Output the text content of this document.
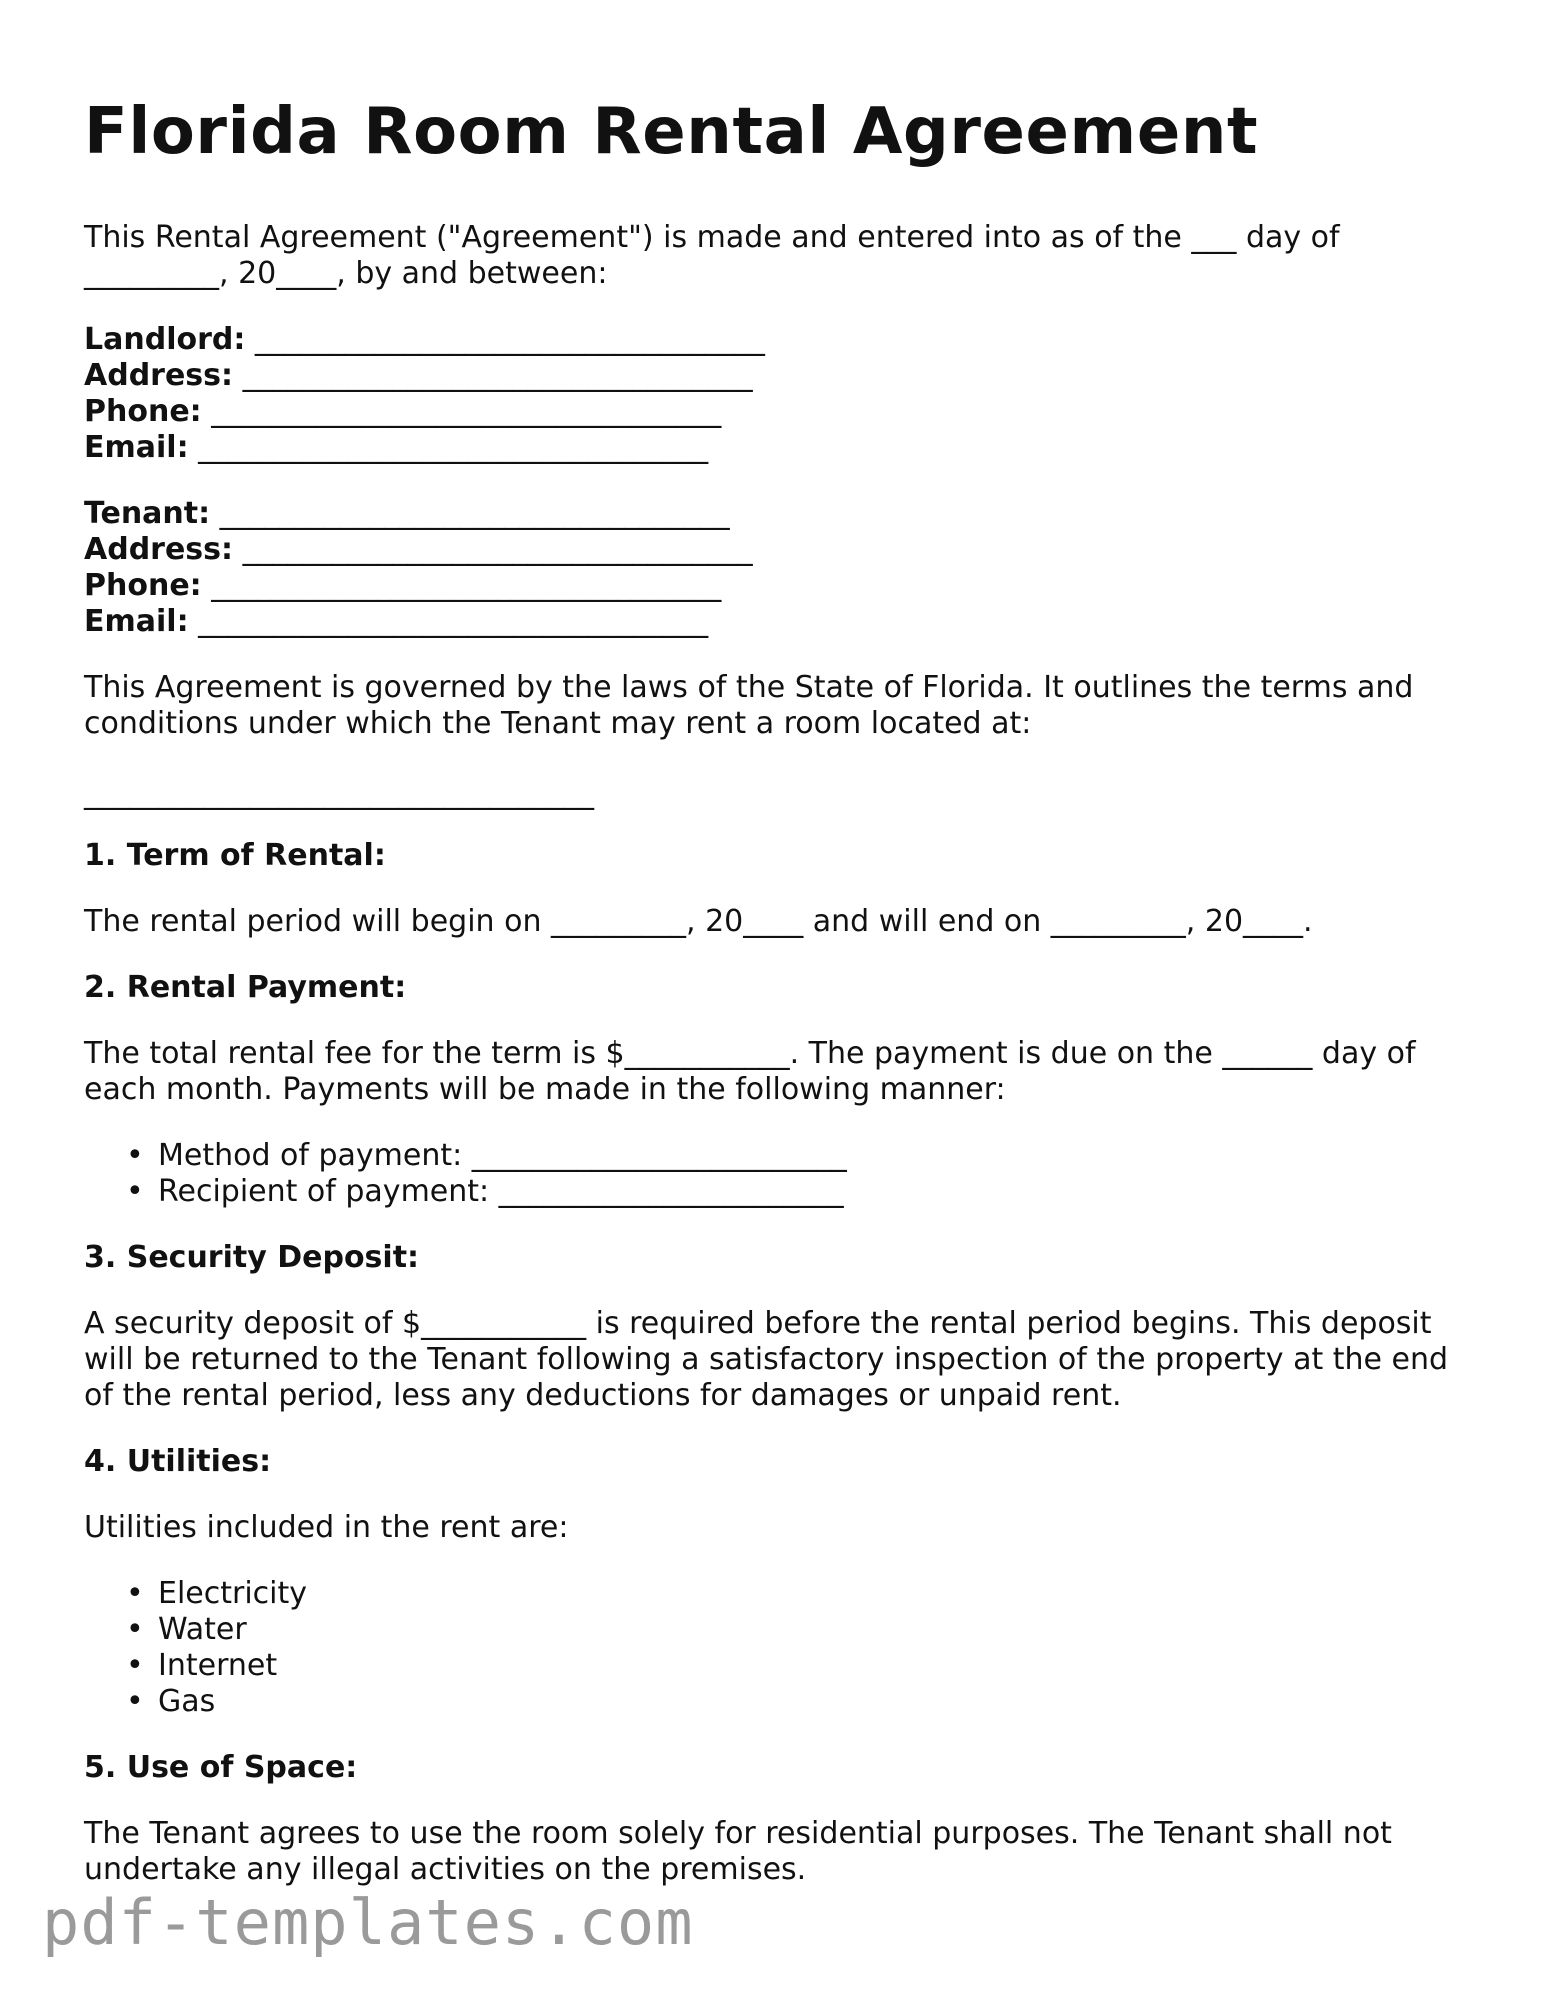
Florida Room Rental Agreement

This Rental Agreement ("Agreement") is made and entered into as of the ___ day of

_________, 20____, by and between:

Landlord: __________________________________

Address: __________________________________

Phone: __________________________________

Email: __________________________________

Tenant: __________________________________

Address: __________________________________

Phone: __________________________________

Email: __________________________________

This Agreement is governed by the laws of the State of Florida. It outlines the terms and

conditions under which the Tenant may rent a room located at:

__________________________________

1. Term of Rental:

The rental period will begin on _________, 20____ and will end on _________, 20____.

2. Rental Payment:

The total rental fee for the term is $___________. The payment is due on the ______ day of

each month. Payments will be made in the following manner:

• Method of payment: _________________________
• Recipient of payment: _______________________

3. Security Deposit:

A security deposit of $___________ is required before the rental period begins. This deposit

will be returned to the Tenant following a satisfactory inspection of the property at the end

of the rental period, less any deductions for damages or unpaid rent.

4. Utilities:

Utilities included in the rent are:

• Electricity
• Water
• Internet
• Gas

5. Use of Space:

The Tenant agrees to use the room solely for residential purposes. The Tenant shall not

undertake any illegal activities on the premises.

pdf-templates.com
